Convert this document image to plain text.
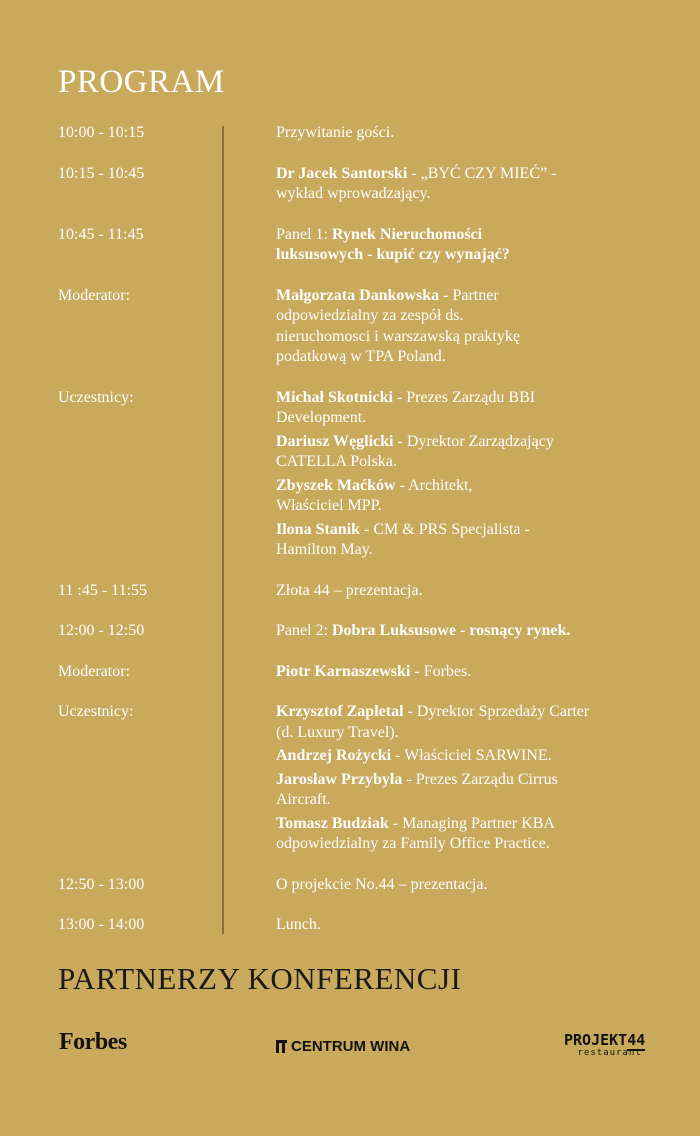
PROGRAM
10:00 - 10:15	Przywitanie gości.
10:15 - 10:45	Dr Jacek Santorski - „BYĆ CZY MIEĆ” - wykład wprowadzający.
10:45 - 11:45	Panel 1: Rynek Nieruchomości luksusowych - kupić czy wynająć?
Moderator:	Małgorzata Dankowska - Partner odpowiedzialny za zespół ds. nieruchomosci i warszawską praktykę podatkową w TPA Poland.
Uczestnicy:	Michał Skotnicki - Prezes Zarządu BBI Development.
Dariusz Węglicki - Dyrektor Zarządzający CATELLA Polska.
Zbyszek Maćków - Architekt, Właściciel MPP.
Ilona Stanik - CM & PRS Specjalista - Hamilton May.
11 :45 - 11:55	Złota 44 – prezentacja.
12:00 - 12:50	Panel 2: Dobra Luksusowe - rosnący rynek.
Moderator:	Piotr Karnaszewski - Forbes.
Uczestnicy:	Krzysztof Zapletal - Dyrektor Sprzedaży Carter (d. Luxury Travel).
Andrzej Rożycki - Właściciel SARWINE.
Jarosław Przybyła - Prezes Zarządu Cirrus Aircraft.
Tomasz Budziak - Managing Partner KBA odpowiedzialny za Family Office Practice.
12:50 - 13:00	O projekcie No.44 – prezentacja.
13:00 - 14:00	Lunch.
PARTNERZY KONFERENCJI
Forbes	CENTRUM WINA	PROJEKT44
restaurant
